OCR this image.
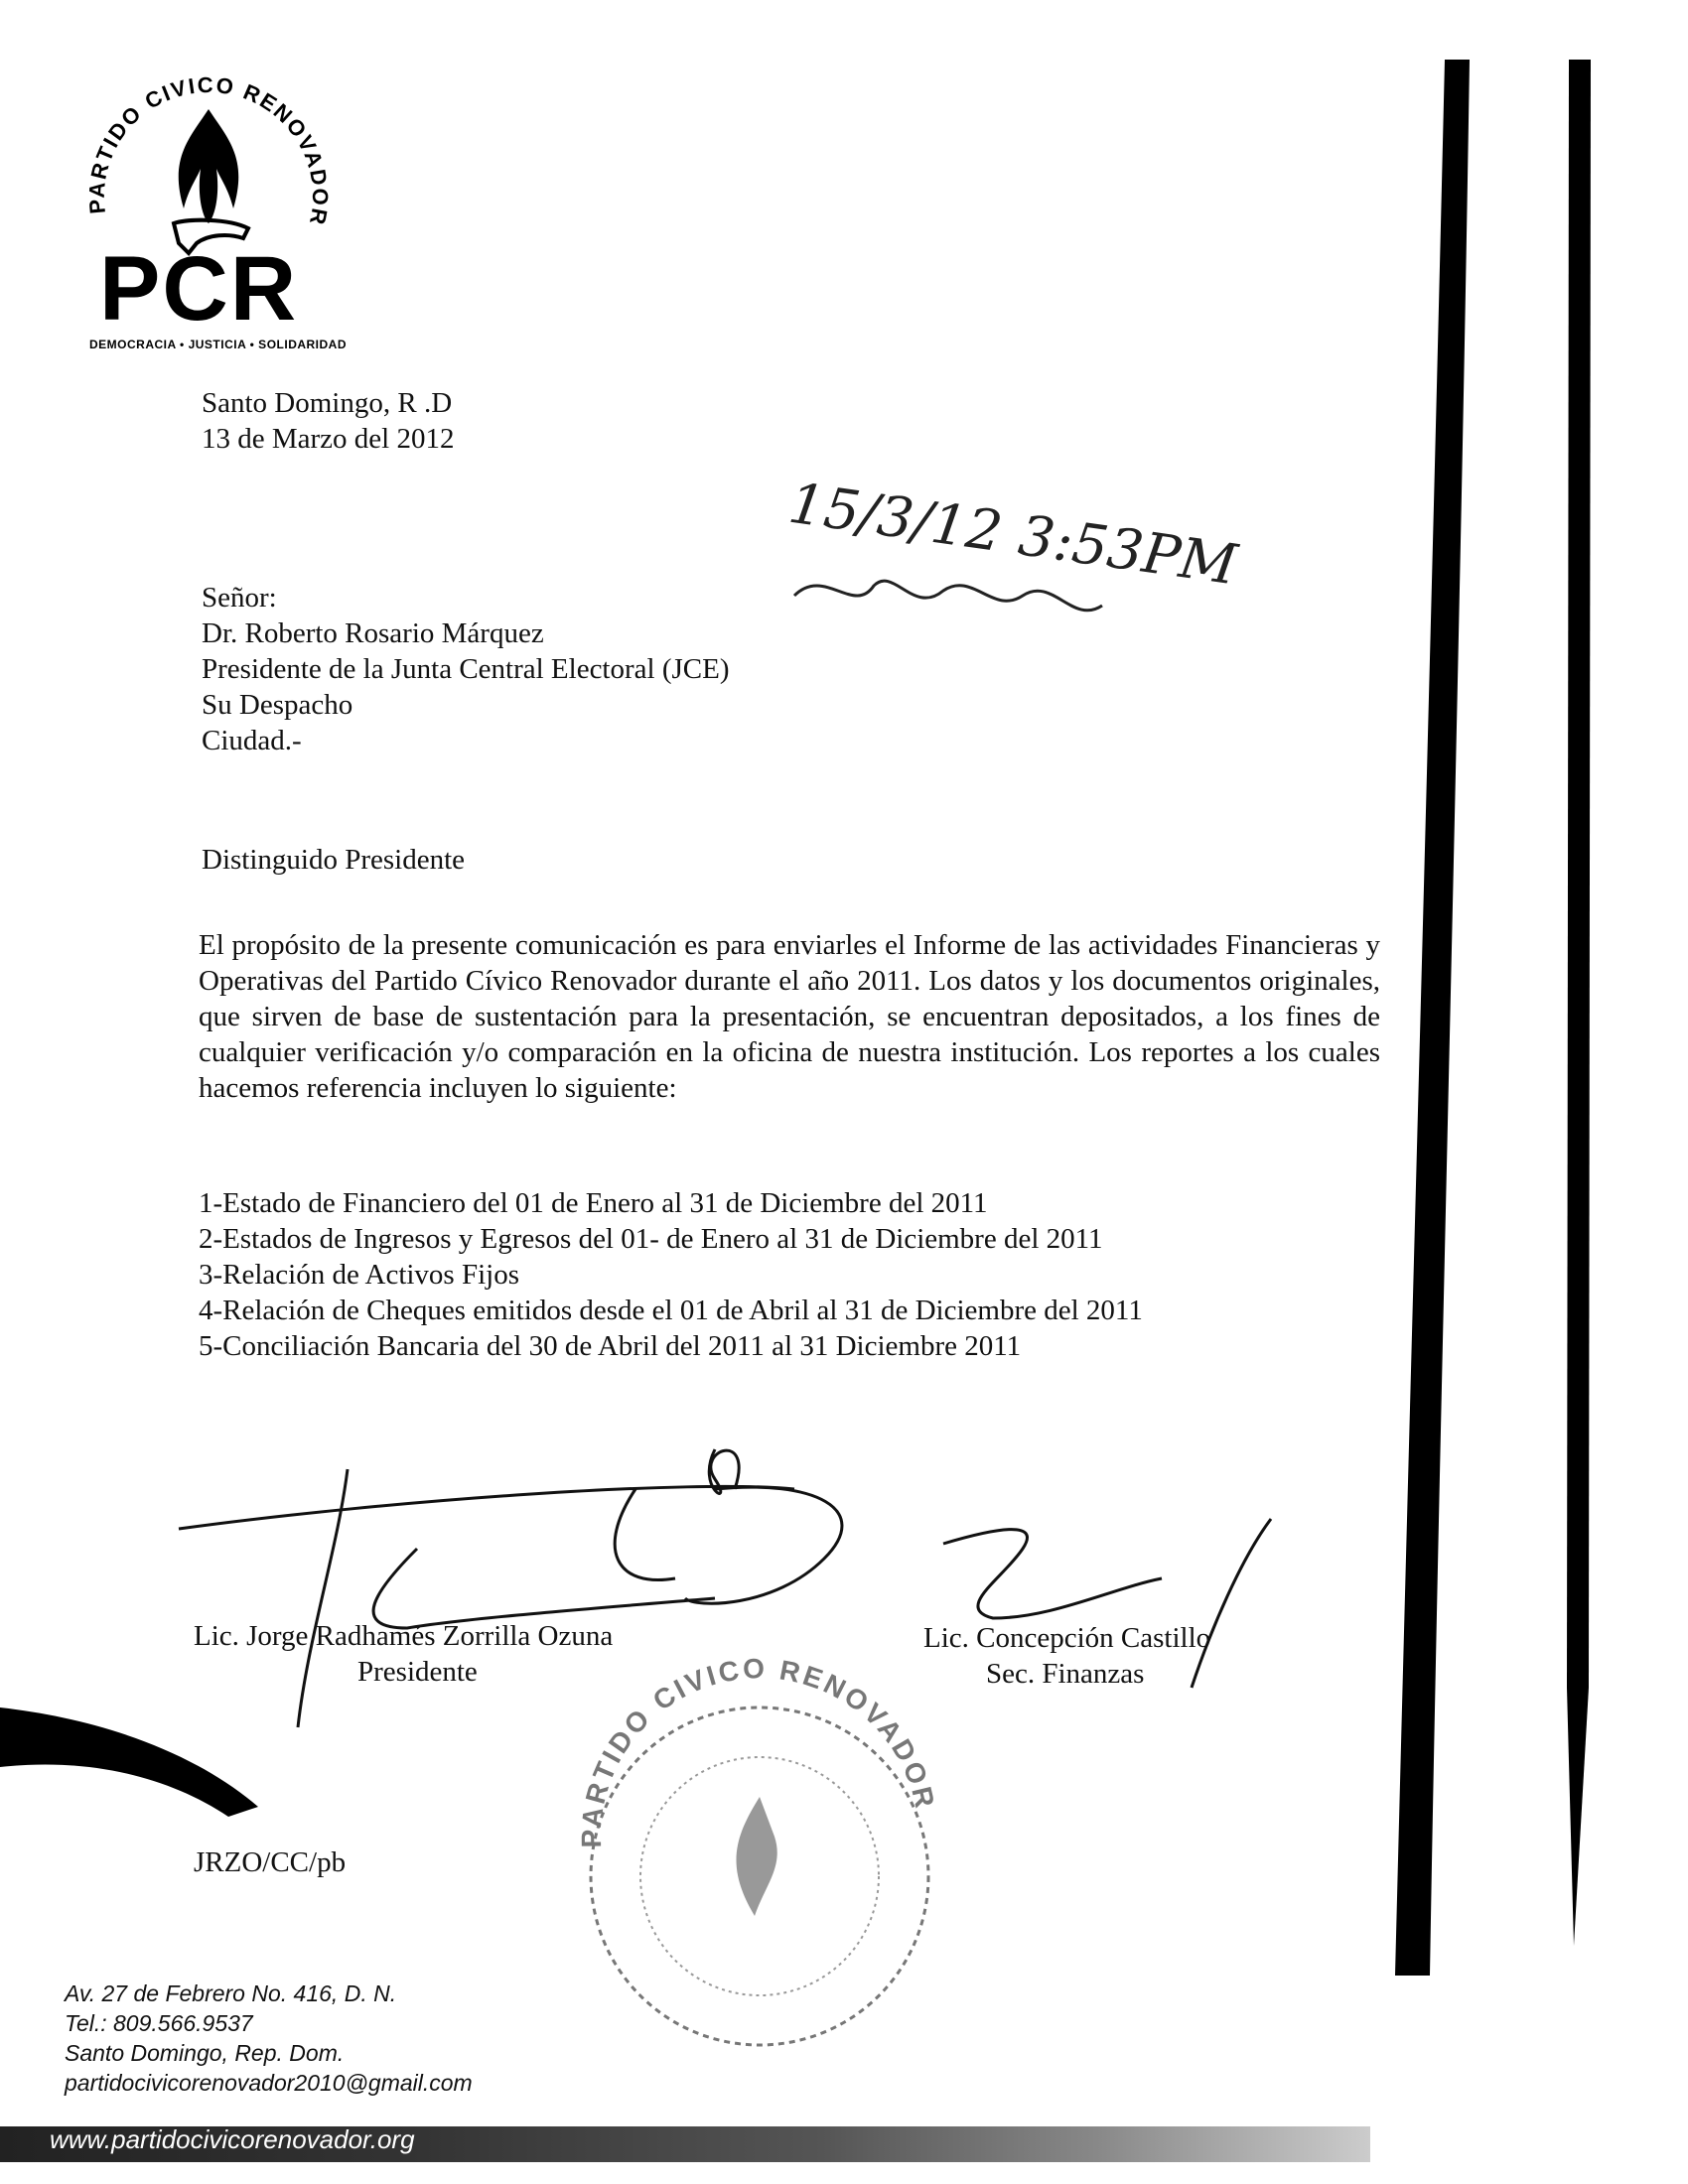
PARTIDO CIVICO RENOVADOR
PCR
DEMOCRACIA • JUSTICIA • SOLIDARIDAD
Santo Domingo, R .D
13 de Marzo del 2012
15/3/12 3:53PM
Señor:
Dr. Roberto Rosario Márquez
Presidente de la Junta Central Electoral (JCE)
Su Despacho
Ciudad.-
Distinguido Presidente
El propósito de la presente comunicación es para enviarles el Informe de las actividades Financieras y Operativas del Partido Cívico Renovador durante el año 2011. Los datos y los documentos originales, que sirven de base de sustentación para la presentación, se encuentran depositados, a los fines de cualquier verificación y/o comparación en la oficina de nuestra institución. Los reportes a los cuales hacemos referencia incluyen lo siguiente:
1-Estado de Financiero del 01 de Enero al 31 de Diciembre del 2011
2-Estados de Ingresos y Egresos del 01- de Enero al 31 de Diciembre del 2011
3-Relación de Activos Fijos
4-Relación de Cheques emitidos desde el 01 de Abril al 31 de Diciembre del 2011
5-Conciliación Bancaria del 30 de Abril del 2011 al 31 Diciembre 2011
Lic. Jorge Radhamés Zorrilla Ozuna
Presidente
Lic. Concepción Castillo
Sec. Finanzas
PARTIDO CIVICO RENOVADOR
JRZO/CC/pb
Av. 27 de Febrero No. 416, D. N.
Tel.: 809.566.9537
Santo Domingo, Rep. Dom.
partidocivicorenovador2010@gmail.com
www.partidocivicorenovador.org
